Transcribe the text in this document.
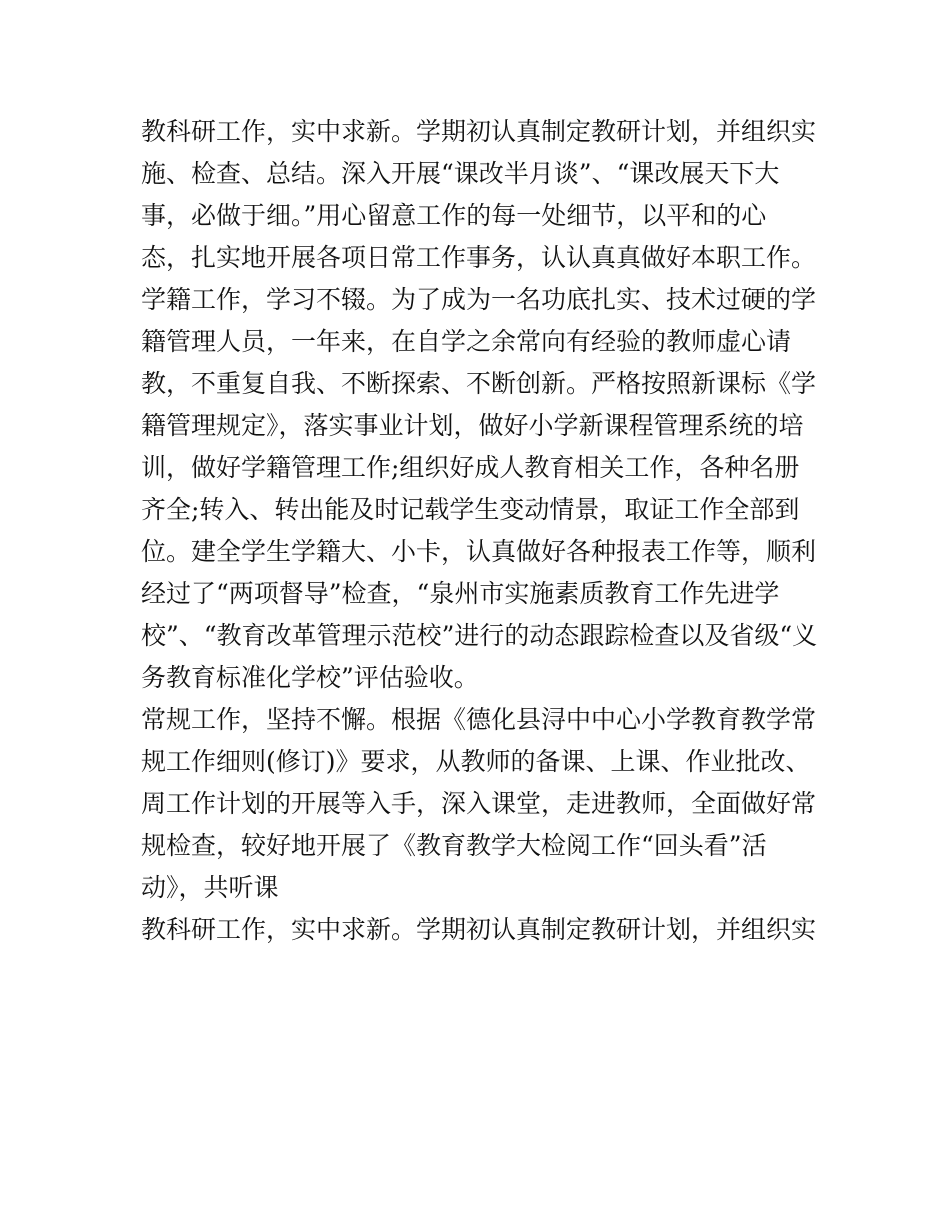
教科研工作，实中求新。学期初认真制定教研计划，并组织实
施、检查、总结。深入开展“课改半月谈”、“课改展天下大
事，必做于细。”用心留意工作的每一处细节，以平和的心
态，扎实地开展各项日常工作事务，认认真真做好本职工作。
学籍工作，学习不辍。为了成为一名功底扎实、技术过硬的学
籍管理人员，一年来，在自学之余常向有经验的教师虚心请
教，不重复自我、不断探索、不断创新。严格按照新课标《学
籍管理规定》，落实事业计划，做好小学新课程管理系统的培
训，做好学籍管理工作;组织好成人教育相关工作，各种名册
齐全;转入、转出能及时记载学生变动情景，取证工作全部到
位。建全学生学籍大、小卡，认真做好各种报表工作等，顺利
经过了“两项督导”检查，“泉州市实施素质教育工作先进学
校”、“教育改革管理示范校”进行的动态跟踪检查以及省级“义
务教育标准化学校”评估验收。
常规工作，坚持不懈。根据《德化县浔中中心小学教育教学常
规工作细则(修订)》要求，从教师的备课、上课、作业批改、
周工作计划的开展等入手，深入课堂，走进教师，全面做好常
规检查，较好地开展了《教育教学大检阅工作“回头看”活
动》，共听课
教科研工作，实中求新。学期初认真制定教研计划，并组织实
